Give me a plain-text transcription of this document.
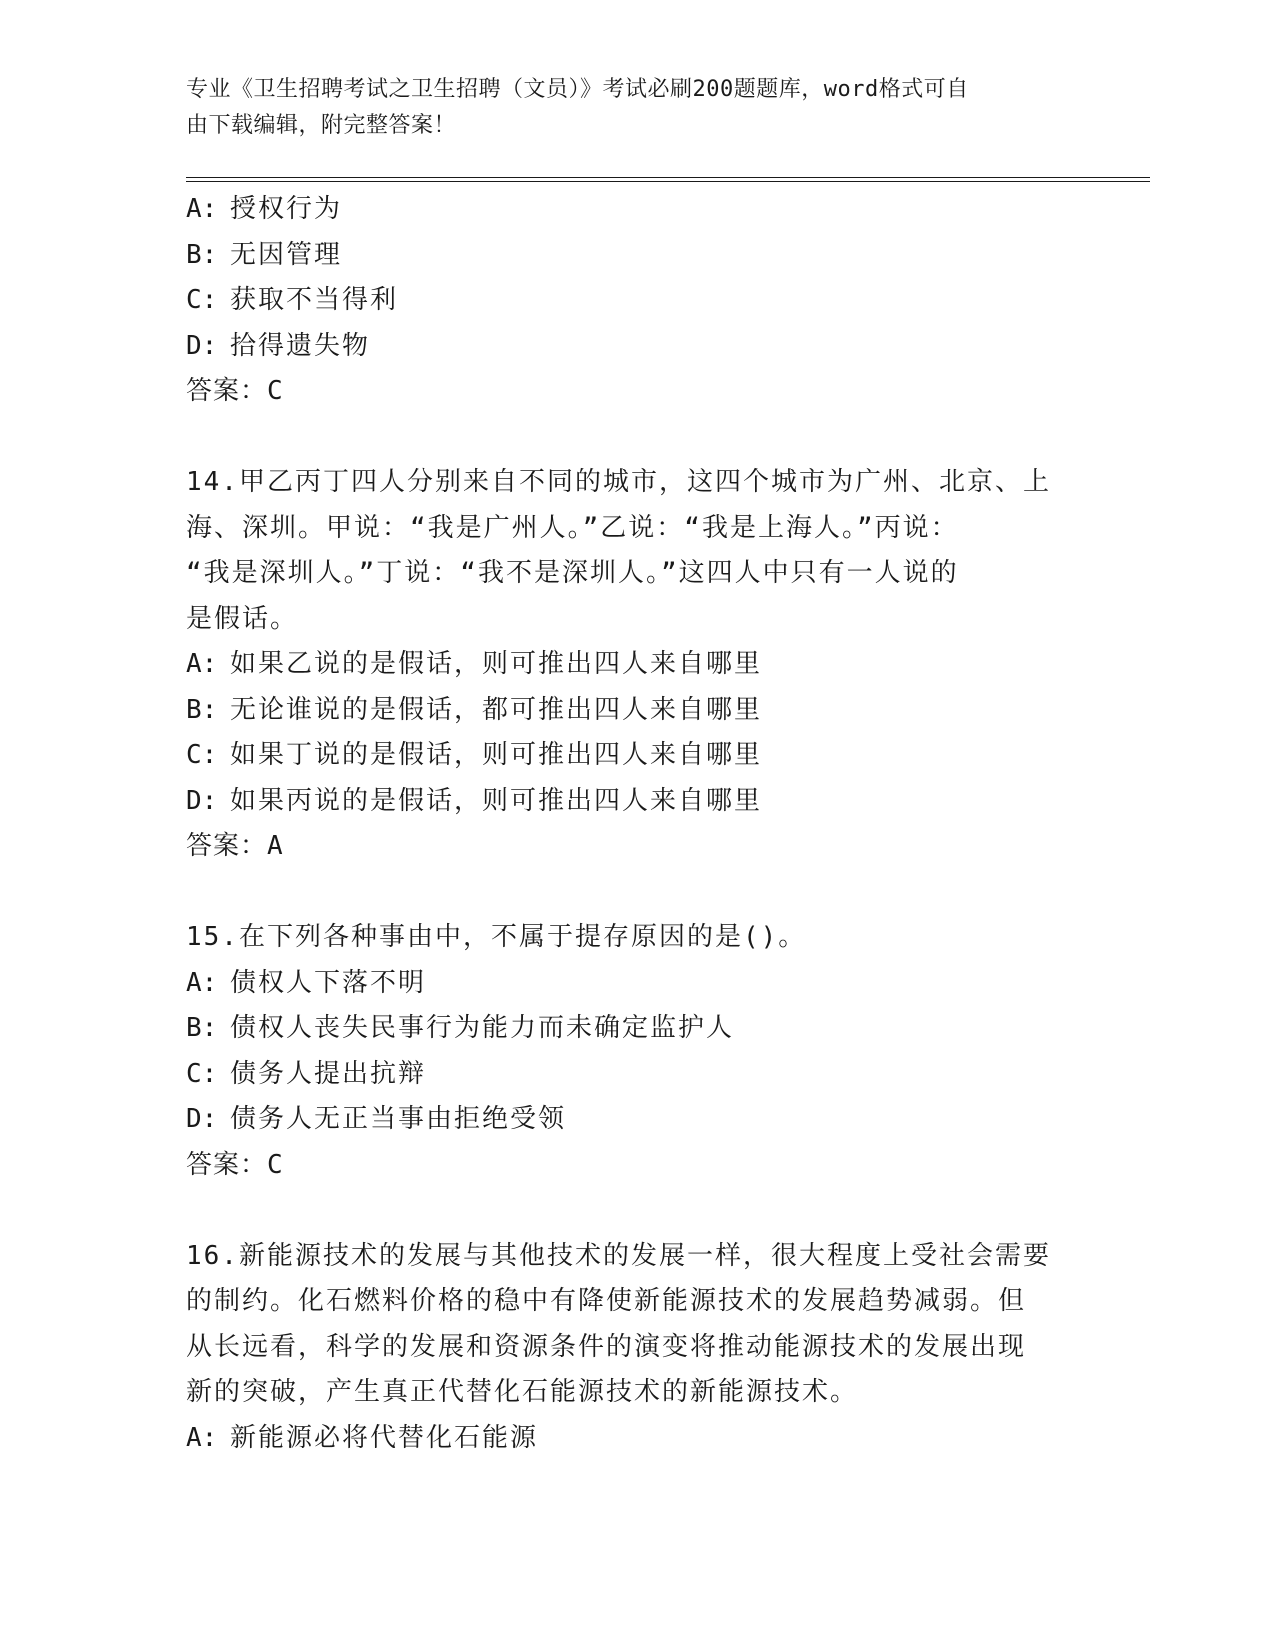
专业《卫生招聘考试之卫生招聘（文员）》考试必刷200题题库，word格式可自
由下载编辑，附完整答案！
A: 授权行为
B: 无因管理
C: 获取不当得利
D: 拾得遗失物
答案：C
14.甲乙丙丁四人分别来自不同的城市，这四个城市为广州、北京、上
海、深圳。甲说：“我是广州人。”乙说：“我是上海人。”丙说：
“我是深圳人。”丁说：“我不是深圳人。”这四人中只有一人说的
是假话。
A: 如果乙说的是假话，则可推出四人来自哪里
B: 无论谁说的是假话，都可推出四人来自哪里
C: 如果丁说的是假话，则可推出四人来自哪里
D: 如果丙说的是假话，则可推出四人来自哪里
答案：A
15.在下列各种事由中，不属于提存原因的是()。
A: 债权人下落不明
B: 债权人丧失民事行为能力而未确定监护人
C: 债务人提出抗辩
D: 债务人无正当事由拒绝受领
答案：C
16.新能源技术的发展与其他技术的发展一样，很大程度上受社会需要
的制约。化石燃料价格的稳中有降使新能源技术的发展趋势减弱。但
从长远看，科学的发展和资源条件的演变将推动能源技术的发展出现
新的突破，产生真正代替化石能源技术的新能源技术。
A: 新能源必将代替化石能源
